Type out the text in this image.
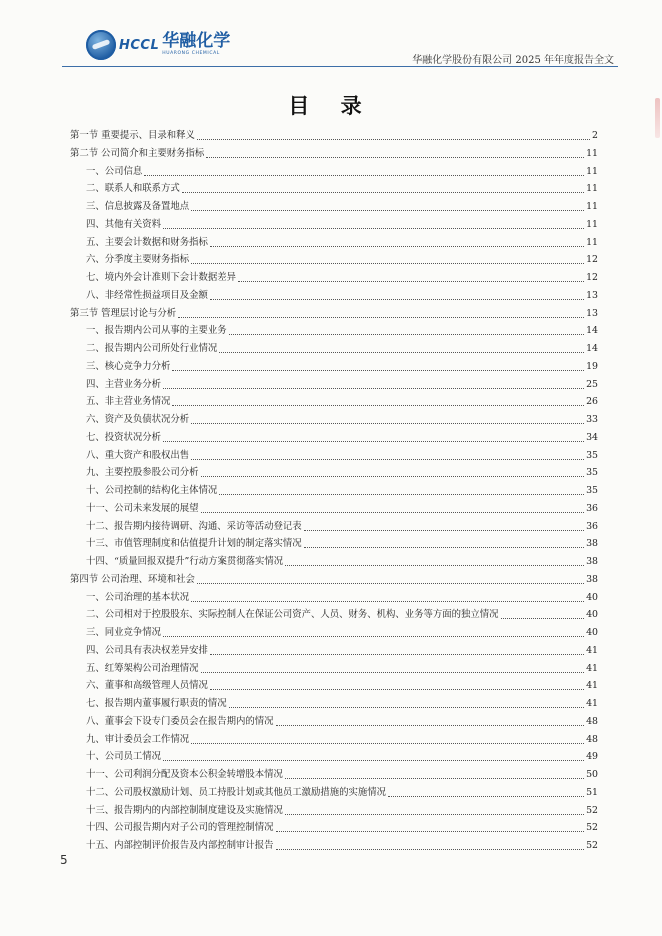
HCCL 华融化学
HUARONG CHEMICAL
华融化学股份有限公司 2025 年年度报告全文
目 录
第一节 重要提示、目录和释义	2
第二节 公司简介和主要财务指标	11
一、公司信息	11
二、联系人和联系方式	11
三、信息披露及备置地点	11
四、其他有关资料	11
五、主要会计数据和财务指标	11
六、分季度主要财务指标	12
七、境内外会计准则下会计数据差异	12
八、非经常性损益项目及金额	13
第三节 管理层讨论与分析	13
一、报告期内公司从事的主要业务	14
二、报告期内公司所处行业情况	14
三、核心竞争力分析	19
四、主营业务分析	25
五、非主营业务情况	26
六、资产及负债状况分析	33
七、投资状况分析	34
八、重大资产和股权出售	35
九、主要控股参股公司分析	35
十、公司控制的结构化主体情况	35
十一、公司未来发展的展望	36
十二、报告期内接待调研、沟通、采访等活动登记表	36
十三、市值管理制度和估值提升计划的制定落实情况	38
十四、“质量回报双提升”行动方案贯彻落实情况	38
第四节 公司治理、环境和社会	38
一、公司治理的基本状况	40
二、公司相对于控股股东、实际控制人在保证公司资产、人员、财务、机构、业务等方面的独立情况	40
三、同业竞争情况	40
四、公司具有表决权差异安排	41
五、红筹架构公司治理情况	41
六、董事和高级管理人员情况	41
七、报告期内董事履行职责的情况	41
八、董事会下设专门委员会在报告期内的情况	48
九、审计委员会工作情况	48
十、公司员工情况	49
十一、公司利润分配及资本公积金转增股本情况	50
十二、公司股权激励计划、员工持股计划或其他员工激励措施的实施情况	51
十三、报告期内的内部控制制度建设及实施情况	52
十四、公司报告期内对子公司的管理控制情况	52
十五、内部控制评价报告及内部控制审计报告	52
5
